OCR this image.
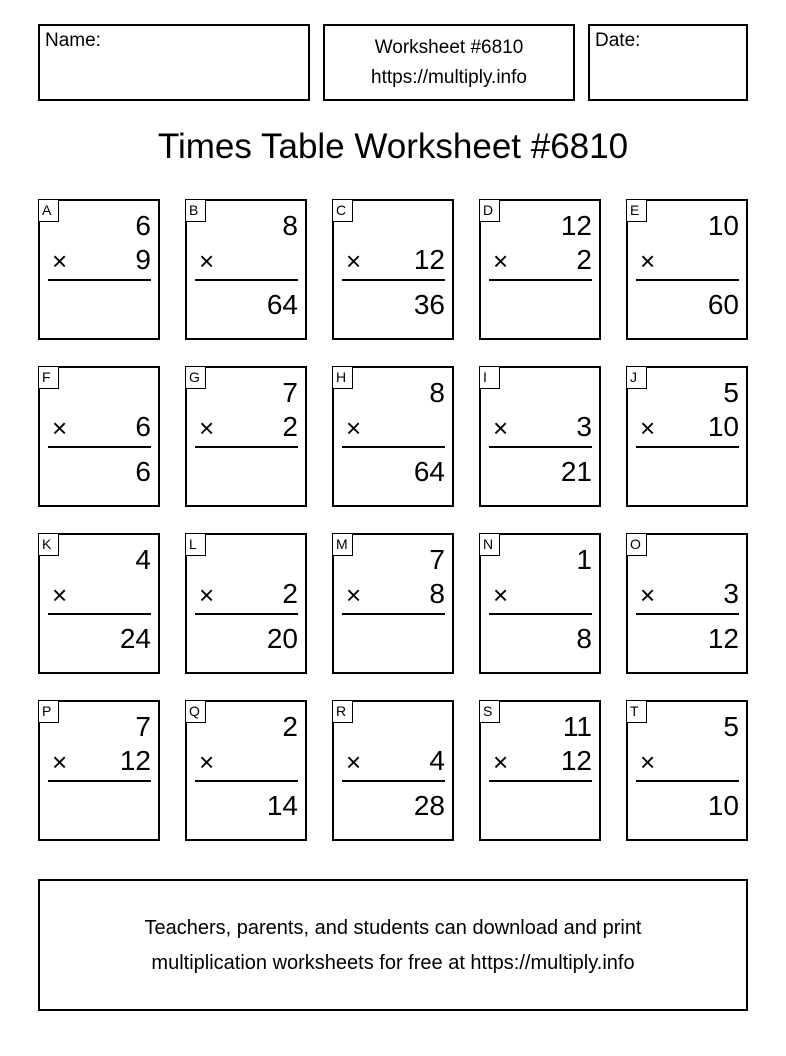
Name:	Worksheet #6810
https://multiply.info
Date:
Times Table Worksheet #6810
A	6
× 9
B	8
×
64
C
× 12
36
D 12
× 2
E 10
×
60
F
× 6
6
G	7
× 2
H	8
×
64
I
× 3
21
J	5
× 10
K	4
×
24
L
× 2
20
M	7
× 8
N	1
×
8
O
× 3
12
P	7
× 12
Q	2
×
14
R
× 4
28
S	11
× 12
T	5
×
10
Teachers, parents, and students can download and print
multiplication worksheets for free at https://multiply.info
